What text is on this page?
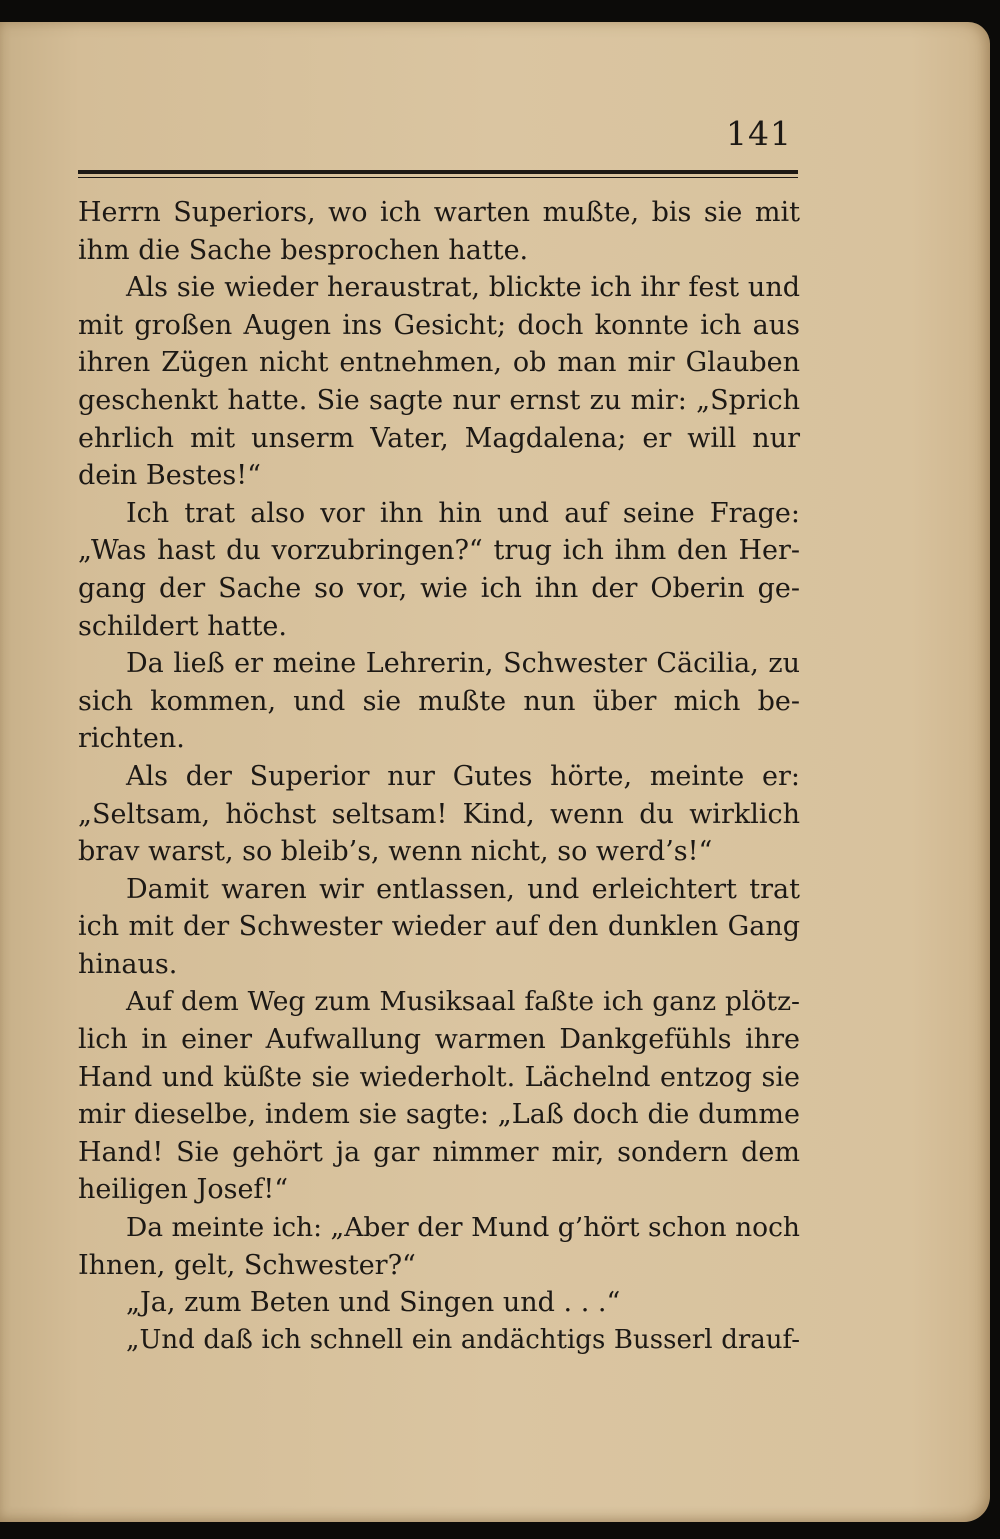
141
Herrn Superiors, wo ich warten mußte, bis sie mit
ihm die Sache besprochen hatte.
Als sie wieder heraustrat, blickte ich ihr fest und
mit großen Augen ins Gesicht; doch konnte ich aus
ihren Zügen nicht entnehmen, ob man mir Glauben
geschenkt hatte. Sie sagte nur ernst zu mir: „Sprich
ehrlich mit unserm Vater, Magdalena; er will nur
dein Bestes!“
Ich trat also vor ihn hin und auf seine Frage:
„Was hast du vorzubringen?“ trug ich ihm den Her-
gang der Sache so vor, wie ich ihn der Oberin ge-
schildert hatte.
Da ließ er meine Lehrerin, Schwester Cäcilia, zu
sich kommen, und sie mußte nun über mich be-
richten.
Als der Superior nur Gutes hörte, meinte er:
„Seltsam, höchst seltsam! Kind, wenn du wirklich
brav warst, so bleib’s, wenn nicht, so werd’s!“
Damit waren wir entlassen, und erleichtert trat
ich mit der Schwester wieder auf den dunklen Gang
hinaus.
Auf dem Weg zum Musiksaal faßte ich ganz plötz-
lich in einer Aufwallung warmen Dankgefühls ihre
Hand und küßte sie wiederholt. Lächelnd entzog sie
mir dieselbe, indem sie sagte: „Laß doch die dumme
Hand! Sie gehört ja gar nimmer mir, sondern dem
heiligen Josef!“
Da meinte ich: „Aber der Mund g’hört schon noch
Ihnen, gelt, Schwester?“
„Ja, zum Beten und Singen und . . .“
„Und daß ich schnell ein andächtigs Busserl drauf-
